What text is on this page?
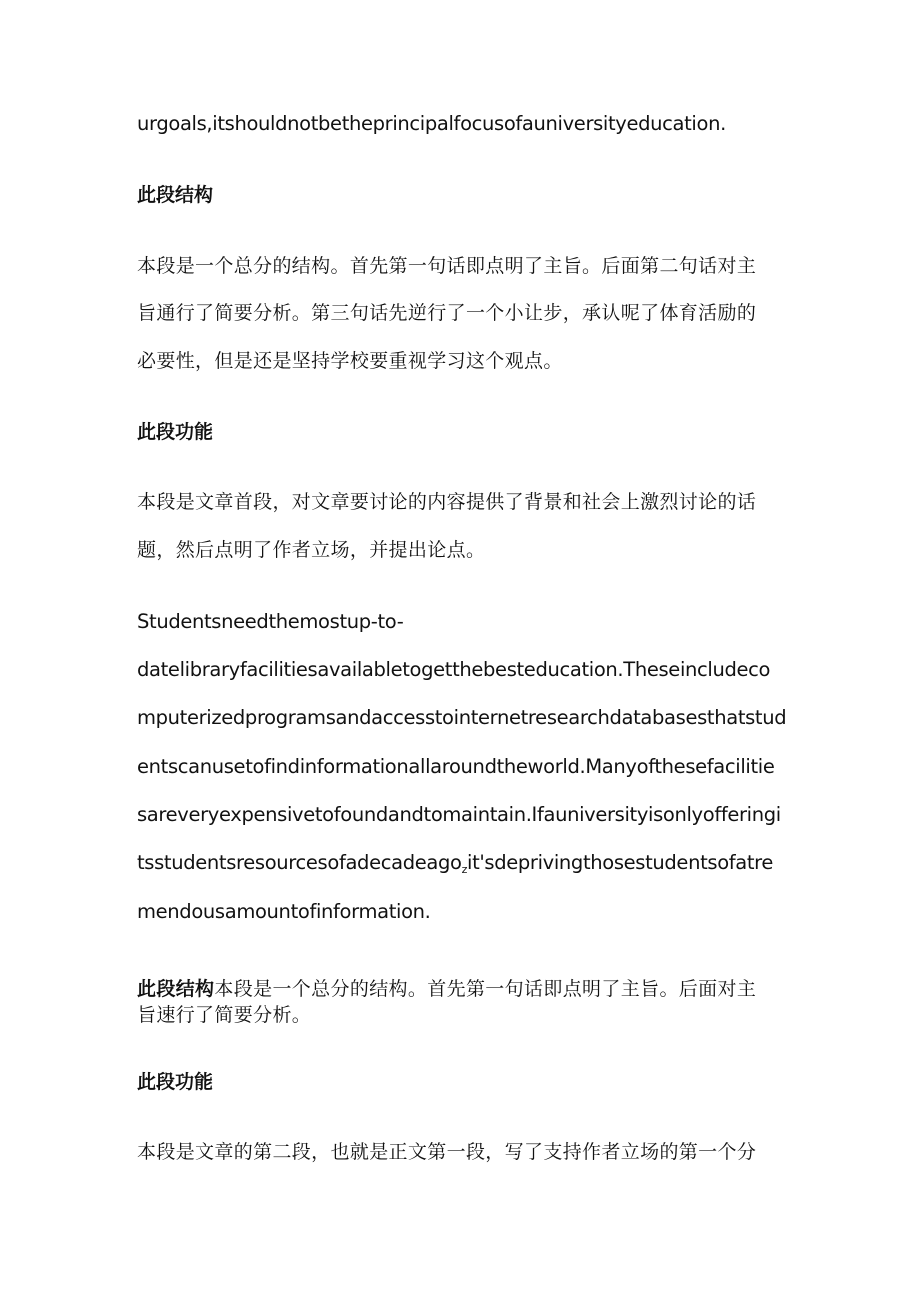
urgoals,itshouldnotbetheprincipalfocusofauniversityeducation.
此段结构
本段是一个总分的结构。首先第一句话即点明了主旨。后面第二句话对主
旨通行了简要分析。第三句话先逆行了一个小让步，承认呢了体育活励的
必要性，但是还是坚持学校要重视学习这个观点。
此段功能
本段是文章首段，对文章要讨论的内容提供了背景和社会上激烈讨论的话
题，然后点明了作者立场，并提出论点。
Studentsneedthemostup-to-
datelibraryfacilitiesavailabletogetthebesteducation.Theseincludeco
mputerizedprogramsandaccesstointernetresearchdatabasesthatstud
entscanusetofindinformationallaroundtheworld.Manyofthesefacilitie
sareveryexpensivetofoundandtomaintain.Ifauniversityisonlyofferingi
tsstudentsresourcesofadecadeago$_z$it'sdeprivingthosestudentsofatre
mendousamountofinformation.
此段结构本段是一个总分的结构。首先第一句话即点明了主旨。后面对主
旨速行了简要分析。
此段功能
本段是文章的第二段，也就是正文第一段，写了支持作者立场的第一个分
